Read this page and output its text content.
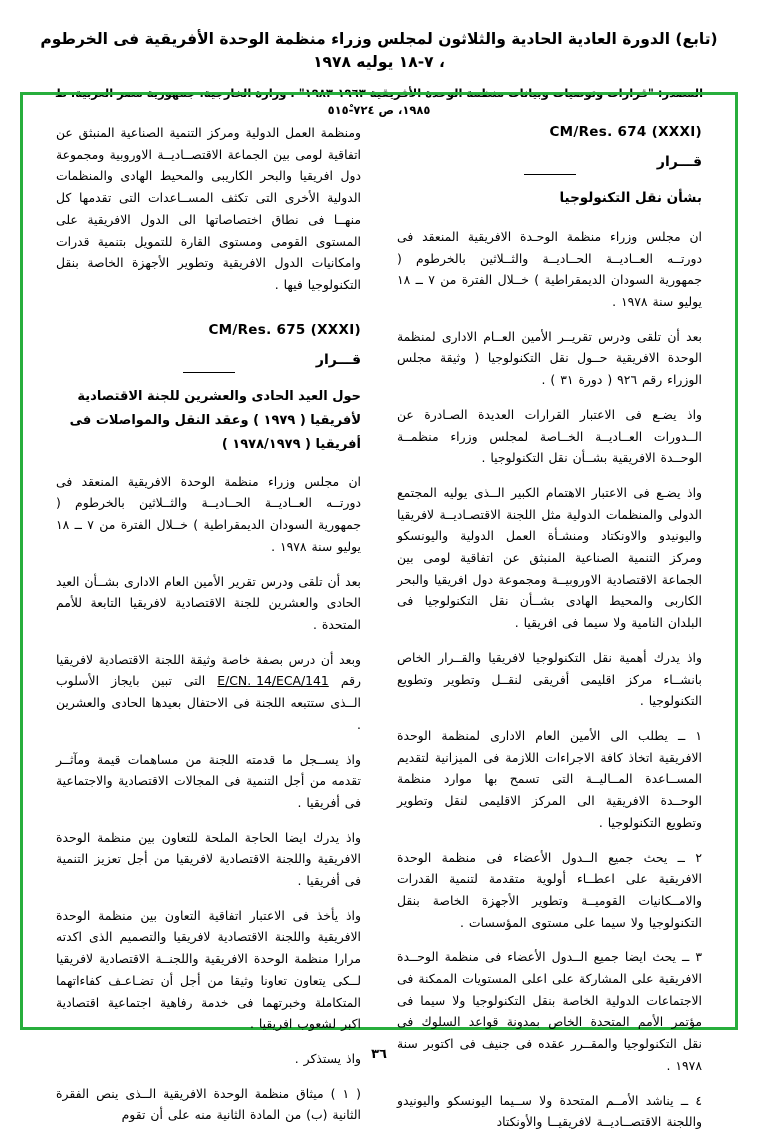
(تابع) الدورة العادية الحادية والثلاثون لمجلس وزراء منظمة الوحدة الأفريقية فى الخرطوم ، ٧-١٨ يوليه ١٩٧٨
المصدر: "قرارات وتوصيات وبيانات منظمة الوحدة الأفريقية ١٩٦٣-١٩٨٣" ، وزارة الخارجية، جمهورية مصر العربية، ط ١٩٨٥، ص ٧٢٤-٥١٥ْ
CM/Res. 674 (XXXI)
قـــرار
بشأن نقل التكنولوجيا

ان مجلس وزراء منظمة الوحـدة الافريقية المنعقد فى دورتــه العــاديــة الحــاديــة والثــلاثين بالخرطوم ( جمهورية السودان الديمقراطية ) خــلال الفترة من ٧ ــ ١٨ يوليو سنة ١٩٧٨ .

بعد أن تلقى ودرس تقريــر الأمين العــام الادارى لمنظمة الوحدة الافريقية حــول نقل التكنولوجيا ( وثيقة مجلس الوزراء رقم ٩٢٦ ( دورة ٣١ ) .

واذ يضـع فى الاعتبار القرارات العديدة الصـادرة عن الــدورات العــاديــة الخــاصة لمجلس وزراء منظمــة الوحــدة الافريقية بشــأن نقل التكنولوجيا .

واذ يضـع فى الاعتبار الاهتمام الكبير الــذى يوليه المجتمع الدولى والمنظمات الدولية مثل اللجنة الاقتصـاديــة لافريقيا واليونيدو والاونكتاد ومنشـأة العمل الدولية واليونسكو ومركز التنمية الصناعية المنبثق عن اتفاقية لومى بين الجماعة الاقتصادية الاوروبيــة ومجموعة دول افريقيا والبحر الكاربى والمحيط الهادى بشــأن نقل التكنولوجيا فى البلدان النامية ولا سيما فى افريقيا .

واذ يدرك أهمية نقل التكنولوجيا لافريقيا والقــرار الخاص بانشــاء مركز اقليمى أفريقى لنقــل وتطوير وتطويع التكنولوجيا .

١ ــ يطلب الى الأمين العام الادارى لمنظمة الوحدة الافريقية اتخاذ كافة الاجراءات اللازمة فى الميزانية لتقديم المســاعدة المــاليــة التى تسمح بها موارد منظمة الوحــدة الافريقية الى المركز الاقليمى لنقل وتطوير وتطويع التكنولوجيا .

٢ ــ يحث جميع الــدول الأعضاء فى منظمة الوحدة الافريقية على اعطــاء أولوية متقدمة لتنمية القدرات والامــكانيات القوميــة وتطوير الأجهزة الخاصة بنقل التكنولوجيا ولا سيما على مستوى المؤسسات .

٣ ــ يحث ايضا جميع الــدول الأعضاء فى منظمة الوحــدة الافريقية على المشاركة على اعلى المستويات الممكنة فى الاجتماعات الدولية الخاصة بنقل التكنولوجيا ولا سيما فى مؤتمر الأمم المتحدة الخاص بمدونة قواعد السلوك فى نقل التكنولوجيا والمقــرر عقده فى جنيف فى اكتوبر سنة ١٩٧٨ .

٤ ــ يناشد الأمــم المتحدة ولا ســيما اليونسكو واليونيدو واللجنة الاقتصــاديــة لافريقيــا والأونكتاد

ومنظمة العمل الدولية ومركز التنمية الصناعية المنبثق عن اتفاقية لومى بين الجماعة الاقتصــاديــة الاوروبية ومجموعة دول افريقيا والبحر الكاريبى والمحيط الهادى والمنظمات الدولية الأخرى التى تكثف المســاعدات التى تقدمها كل منهــا فى نطاق اختصاصاتها الى الدول الافريقية على المستوى القومى ومستوى القارة للتمويل بتنمية قدرات وامكانيات الدول الافريقية وتطوير الأجهزة الخاصة بنقل التكنولوجيا فيها .

CM/Res. 675 (XXXI)
قـــرار
حول العيد الحادى والعشرين للجنة الاقتصادية
لأفريقيا ( ١٩٧٩ ) وعقد النقل والمواصلات فى
أفريقيا ( ١٩٧٨/١٩٧٩ )

ان مجلس وزراء منظمة الوحدة الافريقية المنعقد فى دورتــه العــاديــة الحــاديــة والثــلاثين بالخرطوم ( جمهورية السودان الديمقراطية ) خــلال الفترة من ٧ ــ ١٨ يوليو سنة ١٩٧٨ .

بعد أن تلقى ودرس تقرير الأمين العام الادارى بشــأن العيد الحادى والعشرين للجنة الاقتصادية لافريقيا التابعة للأمم المتحدة .

وبعد أن درس بصفة خاصة وثيقة اللجنة الاقتصادية لافريقيا رقم E/CN. 14/ECA/141 التى تبين بايجاز الأسلوب الــذى ستتبعه اللجنة فى الاحتفال بعيدها الحادى والعشرين .

واذ يســجل ما قدمته اللجنة من مساهمات قيمة ومآثــر تقدمه من أجل التنمية فى المجالات الاقتصادية والاجتماعية فى أفريقيا .

واذ يدرك ايضا الحاجة الملحة للتعاون بين منظمة الوحدة الافريقية واللجنة الاقتصادية لافريقيا من أجل تعزيز التنمية فى أفريقيا .

واذ يأخذ فى الاعتبار اتفاقية التعاون بين منظمة الوحدة الافريقية واللجنة الاقتصادية لافريقيا والتصميم الذى اكدته مرارا منظمة الوحدة الافريقية واللجنــة الاقتصادية لافريقيا لــكى يتعاون تعاونا وثيقا من أجل أن تضـاعـف كفاءاتهما المتكاملة وخبرتهما فى خدمة رفاهية اجتماعية اقتصادية اكبر لشعوب افريقيا .

واذ يستذكر .

( ١ ) ميثاق منظمة الوحدة الافريقية الــذى ينص الفقرة الثانية (ب) من المادة الثانية منه على أن تقوم

٣٦
